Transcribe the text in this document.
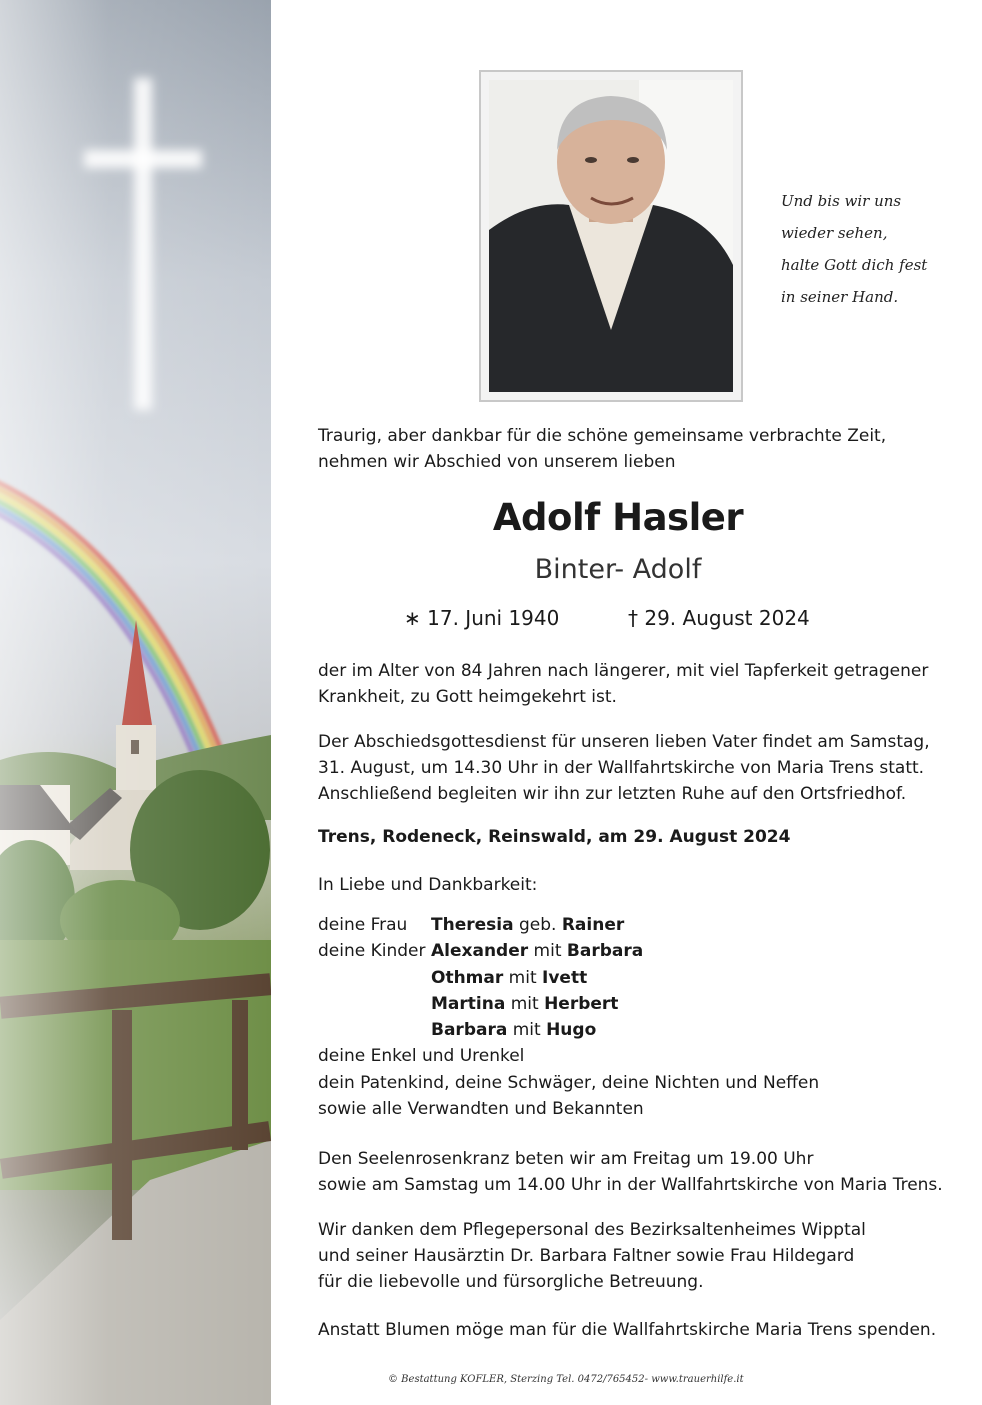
Und bis wir uns
wieder sehen,
halte Gott dich fest
in seiner Hand.
Traurig, aber dankbar für die schöne gemeinsame verbrachte Zeit,
nehmen wir Abschied von unserem lieben
Adolf Hasler
Binter- Adolf
∗ 17. Juni 1940	† 29. August 2024
der im Alter von 84 Jahren nach längerer, mit viel Tapferkeit getragener
Krankheit, zu Gott heimgekehrt ist.
Der Abschiedsgottesdienst für unseren lieben Vater findet am Samstag,
31. August, um 14.30 Uhr in der Wallfahrtskirche von Maria Trens statt.
Anschließend begleiten wir ihn zur letzten Ruhe auf den Ortsfriedhof.
Trens, Rodeneck, Reinswald, am 29. August 2024
In Liebe und Dankbarkeit:
deine Frau	Theresia
geb.
Rainer
deine Kinder Alexander
mit
Barbara
Othmar
mit
Ivett
Martina
mit
Herbert
Barbara
mit
Hugo
deine Enkel und Urenkel
dein Patenkind, deine Schwäger, deine Nichten und Neffen
sowie alle Verwandten und Bekannten
Den Seelenrosenkranz beten wir am Freitag um 19.00 Uhr
sowie am Samstag um 14.00 Uhr in der Wallfahrtskirche von Maria Trens.
Wir danken dem Pflegepersonal des Bezirksaltenheimes Wipptal
und seiner Hausärztin Dr. Barbara Faltner sowie Frau Hildegard
für die liebevolle und fürsorgliche Betreuung.
Anstatt Blumen möge man für die Wallfahrtskirche Maria Trens spenden.
© Bestattung KOFLER, Sterzing Tel. 0472/765452- www.trauerhilfe.it
